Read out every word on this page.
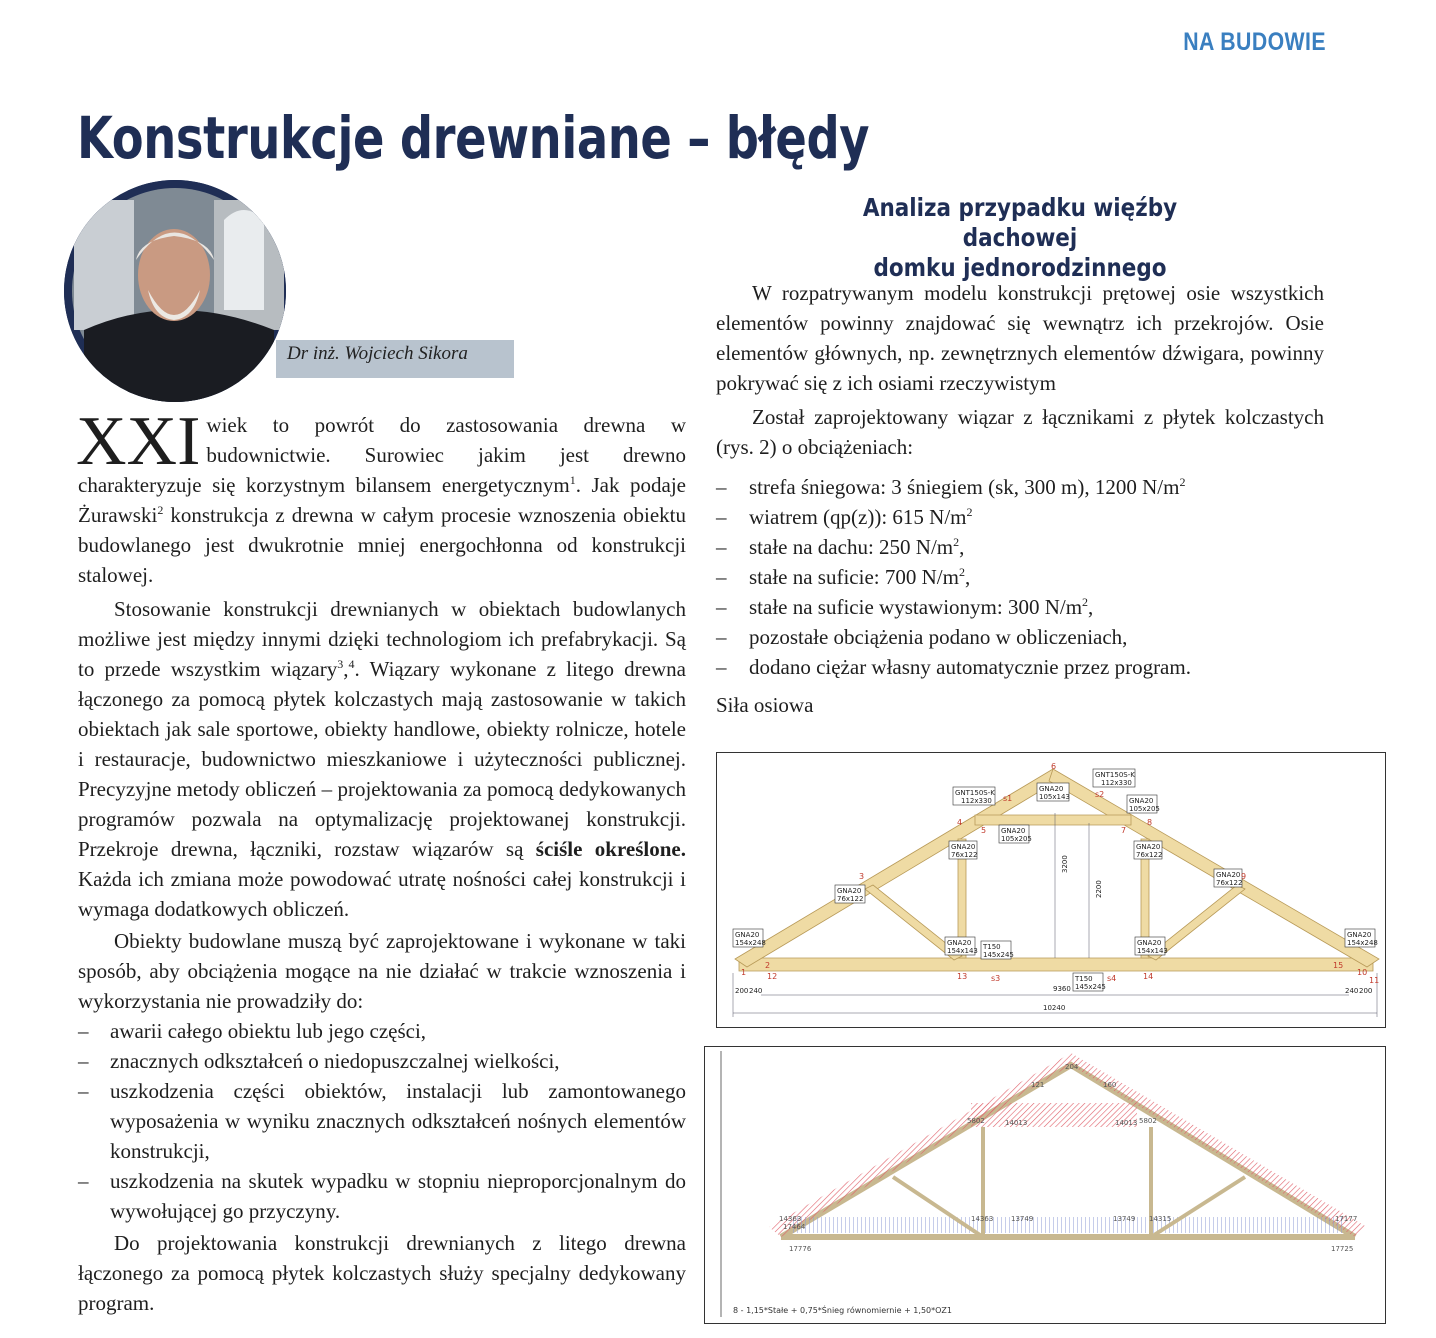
NA BUDOWIE
Konstrukcje drewniane – błędy
Dr inż. Wojciech Sikora

XXI wiek to powrót do zastosowania drewna w budownictwie. Surowiec jakim jest drewno charakteryzuje się korzystnym bilansem energetycznym$^1$. Jak podaje Żurawski$^2$ konstrukcja z drewna w całym procesie wznoszenia obiektu budowlanego jest dwukrotnie mniej energochłonna od konstrukcji stalowej.

Stosowanie konstrukcji drewnianych w obiektach budowlanych możliwe jest między innymi dzięki technologiom ich prefabrykacji. Są to przede wszystkim wiązary$^3$,$^4$. Wiązary wykonane z litego drewna łączonego za pomocą płytek kolczastych mają zastosowanie w takich obiektach jak sale sportowe, obiekty handlowe, obiekty rolnicze, hotele i restauracje, budownictwo mieszkaniowe i użyteczności publicznej. Precyzyjne metody obliczeń – projektowania za pomocą dedykowanych programów pozwala na optymalizację projektowanej konstrukcji. Przekroje drewna, łączniki, rozstaw wiązarów są ściśle określone. Każda ich zmiana może powodować utratę nośności całej konstrukcji i wymaga dodatkowych obliczeń.

Obiekty budowlane muszą być zaprojektowane i wykonane w taki sposób, aby obciążenia mogące na nie działać w trakcie wznoszenia i wykorzystania nie prowadziły do:

– awarii całego obiektu lub jego części,
– znacznych odkształceń o niedopuszczalnej wielkości,
– uszkodzenia części obiektów, instalacji lub zamontowanego wyposażenia w wyniku znacznych odkształceń nośnych elementów konstrukcji,
– uszkodzenia na skutek wypadku w stopniu nieproporcjonalnym do wywołującej go przyczyny.

Do projektowania konstrukcji drewnianych z litego drewna łączonego za pomocą płytek kolczastych służy specjalny dedykowany program.

Analiza przypadku więźby dachowej
domku jednorodzinnego

W rozpatrywanym modelu konstrukcji prętowej osie wszystkich elementów powinny znajdować się wewnątrz ich przekrojów. Osie elementów głównych, np. zewnętrznych elementów dźwigara, powinny pokrywać się z ich osiami rzeczywistym

Został zaprojektowany wiązar z łącznikami z płytek kolczastych (rys. 2) o obciążeniach:

– strefa śniegowa: 3 śniegiem (sk, 300 m), 1200 $N/m^2$
– wiatrem (qp(z)): 615 $N/m^2$
– stałe na dachu: 250 $N/m^2$,
– stałe na suficie: 700 $N/m^2$,
– stałe na suficie wystawionym: 300 $N/m^2$,
– pozostałe obciążenia podano w obliczeniach,
– dodano ciężar własny automatycznie przez program.
Siła osiowa
9360
10240
3200
2200
200 240	240 200
GNA20
154x248
GNA20
76x122
GNT150S-K
112x330
GNA20
105x143
GNT150S-K
112x330
GNA20
105x205
GNA20
105x205
GNA20
76x122
GNA20
76x122
GNA20
76x122
GNA20
154x143 T150
145x245
GNA20
154x143
T150
145x245
GNA20
154x248
1
2
3
4
5
6
7
8
9
10
11
12	13	14
15
s1	s2
s3	s4
204
121	160
5802	14013	14013 5802
14363
17464
17776
14363	13749	13749 14315	17177
17725
8 - 1,15*Stałe + 0,75*Śnieg równomiernie + 1,50*OZ1
